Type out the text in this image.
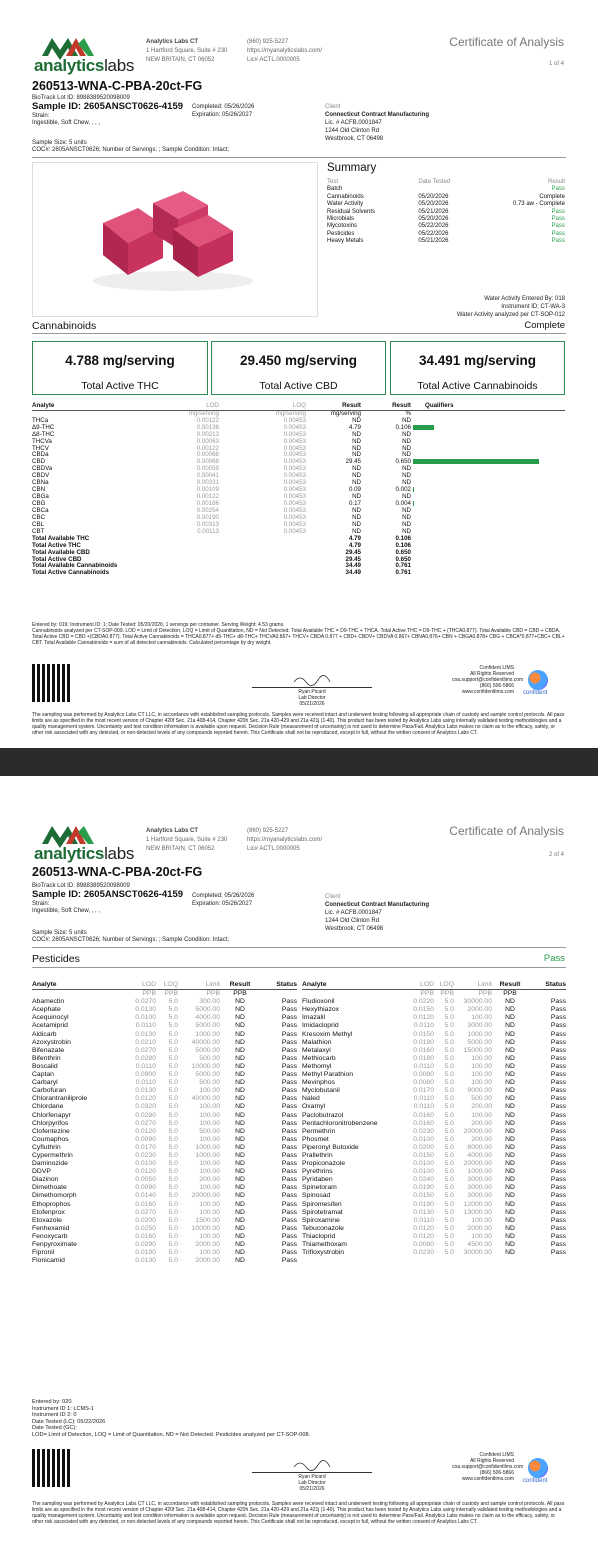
analyticslabs
Analytics Labs CT
1 Hartford Square, Suite # 230
NEW BRITAIN, CT 06052
(860) 925-5227
https://myanalyticslabs.com/
Lic# ACTL.0000005
Certificate of Analysis
1 of 4
260513-WNA-C-PBA-20ct-FG
BioTrack Lot ID: 8988389520098009
Sample ID: 2605ANSCT0626-4159 Completed: 05/26/2026
Expiration: 05/26/2027
Strain:
Ingestible, Soft Chew, , , ,
Client
Connecticut Contract Manufacturing
Lic. # ACFB.0001847
1244 Old Clinton Rd
Westbrook, CT 06498
Sample Size: 5 units
COC#: 2605ANSCT0626; Number of Servings: ; Sample Condition: Intact;
Summary
Test	Date Tested	Result
Batch		Pass
Cannabinoids	05/20/2026	Complete
Water Activity	05/20/2026	0.73 aw - Complete
Residual Solvents	05/21/2026	Pass
Microbials	05/20/2026	Pass
Mycotoxins	05/22/2026	Pass
Pesticides	05/22/2026	Pass
Heavy Metals	05/21/2026	Pass
Water Activity Entered By: 018
Instrument ID: CT-WA-3
Water Activity analyzed per CT-SOP-012
Cannabinoids	Complete
4.788 mg/serving
Total Active THC
29.450 mg/serving
Total Active CBD
34.491 mg/serving
Total Active Cannabinoids
Analyte	LOD	LOQ	Result	Result	Qualifiers
	mg/serving	mg/serving	mg/serving	%	
THCa	0.00122	0.00453	ND	ND	
Δ9-THC	0.00136	0.00453	4.79	0.106	
Δ8-THC	0.00213	0.00453	ND	ND	
THCVa	0.00063	0.00453	ND	ND	
THCV	0.00122	0.00453	ND	ND	
CBDa	0.00068	0.00453	ND	ND	
CBD	0.00068	0.00453	29.45	0.650	
CBDVa	0.00059	0.00453	ND	ND	
CBDV	0.00041	0.00453	ND	ND	
CBNa	0.00331	0.00453	ND	ND	
CBN	0.00109	0.00453	0.09	0.002	
CBGa	0.00122	0.00453	ND	ND	
CBG	0.00186	0.00453	0.17	0.004	
CBCa	0.00254	0.00453	ND	ND	
CBC	0.00190	0.00453	ND	ND	
CBL	0.00313	0.00453	ND	ND	
CBT	0.00113	0.00453	ND	ND	
Total Available THC			4.79	0.106	
Total Active THC			4.79	0.106	
Total Available CBD			29.45	0.650	
Total Active CBD			29.45	0.650	
Total Available Cannabinoids			34.49	0.761	
Total Active Cannabinoids			34.49	0.761	
Entered by: 019; Instrument ID: 1; Date Tested: 05/20/2026; 1 servings per container. Serving Weight: 4.53 grams.
Cannabinoids analyzed per CT-SOP-009. LOD = Limit of Detection, LOQ = Limit of Quantitation, ND = Not Detected. Total Available THC = D9-THC + THCA. Total Active THC = D9-THC + (THCA0.877). Total Available CBD = CBD + CBDA. Total Active CBD = CBD +(CBDA0.877). Total Active Cannabinoids = THCA0.877+ d9-THC+ d8-THC+ THCVA0.867+ THCV+ CBDA 0.877 + CBD+ CBDV+ CBDVA 0.867+ CBNA0.876+ CBN + CBGA0.878+ CBG + CBCA*0.877+CBC+ CBL+ CBT. Total Available Cannabinoids = sum of all detected cannabinoids. Calculated percentage by dry weight.
Ryan Picard
Lab Director
05/21/2026
Confident LIMS
All Rights Reserved
coa.support@confidentlims.com
(866) 506-5866
www.confidentlims.com confident
The sampling was performed by Analytics Labs CT LLC, in accordance with established sampling protocols. Samples were received intact and underwent testing following all appropriate chain of custody and sample control protocols. All pass limits are as specified in the most recent version of Chapter 420f Sec. 21a 408-414, Chapter 420h Sec. 21a 420-429 and 21a 421j (1-40). This product has been tested by Analytics Labs using internally validated testing methodologies and a quality management system. Uncertainty and test condition information is available upon request. Decision Rule (measurement of uncertainty) is not used to determine Pass/Fail. Analytics Labs makes no claim as to the efficacy, safety, or other risk associated with any detected, or non-detected levels of any compounds reported herein. This Certificate shall not be reproduced, except in full, without the written consent of Analytics Labs CT.
analyticslabs
Analytics Labs CT
1 Hartford Square, Suite # 230
NEW BRITAIN, CT 06052
(860) 925-5227
https://myanalyticslabs.com/
Lic# ACTL.0000005
Certificate of Analysis
2 of 4
260513-WNA-C-PBA-20ct-FG
BioTrack Lot ID: 8988389520098009
Sample ID: 2605ANSCT0626-4159 Completed: 05/26/2026
Expiration: 05/26/2027
Strain:
Ingestible, Soft Chew, , , ,
Client
Connecticut Contract Manufacturing
Lic. # ACFB.0001847
1244 Old Clinton Rd
Westbrook, CT 06498
Sample Size: 5 units
COC#: 2605ANSCT0626; Number of Servings: ; Sample Condition: Intact;
Pesticides	Pass
Analyte	LOD	LOQ	Limit	Result	Status
	PPB	PPB	PPB	PPB	
Abamectin	0.0270	5.0	300.00	ND	Pass
Acephate	0.0130	5.0	5000.00	ND	Pass
Acequinocyl	0.0100	5.0	4000.00	ND	Pass
Acetamiprid	0.0110	5.0	5000.00	ND	Pass
Aldicarb	0.0130	5.0	1000.00	ND	Pass
Azoxystrobin	0.0210	5.0	40000.00	ND	Pass
Bifenazate	0.0270	5.0	5000.00	ND	Pass
Bifenthrin	0.0280	5.0	500.00	ND	Pass
Boscalid	0.0110	5.0	10000.00	ND	Pass
Captan	0.0900	5.0	5000.00	ND	Pass
Carbaryl	0.0110	5.0	500.00	ND	Pass
Carbofuran	0.0130	5.0	100.00	ND	Pass
Chlorantraniliprole	0.0120	5.0	40000.00	ND	Pass
Chlordane	0.0320	5.0	100.00	ND	Pass
Chlorfenapyr	0.0280	5.0	100.00	ND	Pass
Chlorpyrifos	0.0270	5.0	100.00	ND	Pass
Clofentezine	0.0120	5.0	500.00	ND	Pass
Coumaphos	0.0090	5.0	100.00	ND	Pass
Cyfluthrin	0.0170	5.0	1000.00	ND	Pass
Cypermethrin	0.0230	5.0	1000.00	ND	Pass
Daminozide	0.0100	5.0	100.00	ND	Pass
DDVP	0.0120	5.0	100.00	ND	Pass
Diazinon	0.0050	5.0	200.00	ND	Pass
Dimethoate	0.0090	5.0	100.00	ND	Pass
Dimethomorph	0.0140	5.0	20000.00	ND	Pass
Ethoprophos	0.0160	5.0	100.00	ND	Pass
Etofenprox	0.0270	5.0	100.00	ND	Pass
Etoxazole	0.0200	5.0	1500.00	ND	Pass
Fenhexamid	0.0250	5.0	10000.00	ND	Pass
Fenoxycarb	0.0160	5.0	100.00	ND	Pass
Fenpyroximate	0.0290	5.0	2000.00	ND	Pass
Fipronil	0.0190	5.0	100.00	ND	Pass
Flonicamid	0.0130	5.0	2000.00	ND	Pass
Analyte	LOD	LOQ	Limit	Result	Status
	PPB	PPB	PPB	PPB	
Fludioxonil	0.0220	5.0	30000.00	ND	Pass
Hexythiazox	0.0150	5.0	2000.00	ND	Pass
Imazalil	0.0120	5.0	100.00	ND	Pass
Imidacloprid	0.0110	5.0	3000.00	ND	Pass
Kresoxim Methyl	0.0150	5.0	1000.00	ND	Pass
Malathion	0.0180	5.0	5000.00	ND	Pass
Metalaxyl	0.0160	5.0	15000.00	ND	Pass
Methiocarb	0.0180	5.0	100.00	ND	Pass
Methomyl	0.0110	5.0	100.00	ND	Pass
Methyl Parathion	0.0080	5.0	100.00	ND	Pass
Mevinphos	0.0080	5.0	100.00	ND	Pass
Myclobutanil	0.0170	5.0	9000.00	ND	Pass
Naled	0.0110	5.0	500.00	ND	Pass
Oxamyl	0.0110	5.0	200.00	ND	Pass
Paclobutrazol	0.0160	5.0	100.00	ND	Pass
Pentachloronitrobenzene	0.0160	5.0	200.00	ND	Pass
Permethrin	0.0230	5.0	20000.00	ND	Pass
Phosmet	0.0100	5.0	200.00	ND	Pass
Piperonyl Butoxide	0.0200	5.0	8000.00	ND	Pass
Prallethrin	0.0150	5.0	4000.00	ND	Pass
Propiconazole	0.0100	5.0	20000.00	ND	Pass
Pyrethrins	0.0100	5.0	1000.00	ND	Pass
Pyridaben	0.0240	5.0	3000.00	ND	Pass
Spinetoram	0.0190	5.0	3000.00	ND	Pass
Spinosad	0.0150	5.0	3000.00	ND	Pass
Spiromesifen	0.0190	5.0	12000.00	ND	Pass
Spirotetramat	0.0130	5.0	13000.00	ND	Pass
Spiroxamine	0.0110	5.0	100.00	ND	Pass
Tebuconazole	0.0120	5.0	2000.00	ND	Pass
Thiacloprid	0.0120	5.0	100.00	ND	Pass
Thiamethoxam	0.0080	5.0	4500.00	ND	Pass
Trifloxystrobin	0.0230	5.0	30000.00	ND	Pass
Entered by: 020
Instrument ID 1: LCMS-1
Instrument ID 2: 0
Date Tested (LC): 05/22/2026
Date Tested (GC):
LOD= Limit of Detection, LOQ = Limit of Quantitation, ND = Not Detected. Pesticides analyzed per CT-SOP-008.
Ryan Picard
Lab Director
05/21/2026
Confident LIMS
All Rights Reserved
coa.support@confidentlims.com
(866) 506-5866
www.confidentlims.com confident
The sampling was performed by Analytics Labs CT LLC, in accordance with established sampling protocols. Samples were received intact and underwent testing following all appropriate chain of custody and sample control protocols. All pass limits are as specified in the most recent version of Chapter 420f Sec. 21a 408-414, Chapter 420h Sec. 21a 420-429 and 21a 421j (1-40). This product has been tested by Analytics Labs using internally validated testing methodologies and a quality management system. Uncertainty and test condition information is available upon request. Decision Rule (measurement of uncertainty) is not used to determine Pass/Fail. Analytics Labs makes no claim as to the efficacy, safety, or other risk associated with any detected, or non-detected levels of any compounds reported herein. This Certificate shall not be reproduced, except in full, without the written consent of Analytics Labs CT.
